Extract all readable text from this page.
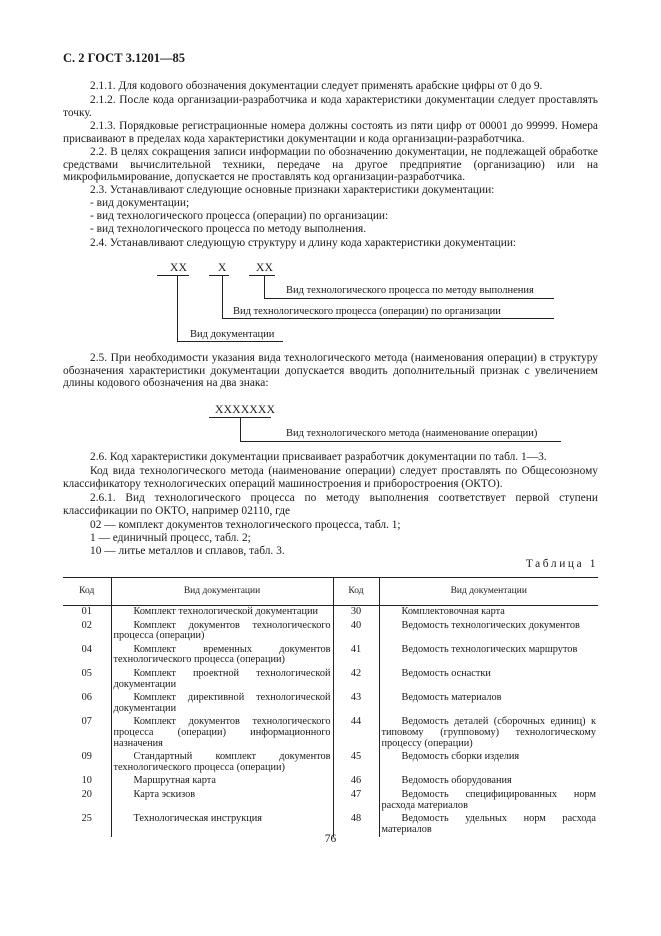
С. 2 ГОСТ 3.1201—85

2.1.1. Для кодового обозначения документации следует применять арабские цифры от 0 до 9.

2.1.2. После кода организации-разработчика и кода характеристики документации следует проставлять точку.

2.1.3. Порядковые регистрационные номера должны состоять из пяти цифр от 00001 до 99999. Номера присваивают в пределах кода характеристики документации и кода организации-разработчика.

2.2. В целях сокращения записи информации по обозначению документации, не подлежащей обработке средствами вычислительной техники, передаче на другое предприятие (организацию) или на микрофильмирование, допускается не проставлять код организации-разработчика.

2.3. Устанавливают следующие основные признаки характеристики документации:

- вид документации;

- вид технологического процесса (операции) по организации:

- вид технологического процесса по методу выполнения.

2.4. Устанавливают следующую структуру и длину кода характеристики документации:

XX	X	XX
Вид технологического процесса по методу выполнения
Вид технологического процесса (операции) по организации
Вид документации

2.5. При необходимости указания вида технологического метода (наименования операции) в структуру обозначения характеристики документации допускается вводить дополнительный признак с увеличением длины кодового обозначения на два знака:

XXXXXXX
Вид технологического метода (наименование операции)

2.6. Код характеристики документации присваивает разработчик документации по табл. 1—3.

Код вида технологического метода (наименование операции) следует проставлять по Общесоюзному классификатору технологических операций машиностроения и приборостроения (ОКТО).

2.6.1. Вид технологического процесса по методу выполнения соответствует первой ступени классификации по ОКТО, например 02110, где

02 — комплект документов технологического процесса, табл. 1;

1 — единичный процесс, табл. 2;

10 — литье металлов и сплавов, табл. 3.

Таблица 1
Код	Вид документации	Код	Вид документации
01	Комплект технологической документации	30	Комплектовочная карта
02	Комплект документов технологического процесса (операции)	40	Ведомость технологических документов
04	Комплект временных документов технологического процесса (операции)	41	Ведомость технологических маршрутов
05	Комплект проектной технологической документации	42	Ведомость оснастки
06	Комплект директивной технологической документации	43	Ведомость материалов
07	Комплект документов технологического процесса (операции) информационного назначения	44	Ведомость деталей (сборочных единиц) к типовому (групповому) технологическому процессу (операции)
09	Стандартный комплект документов технологического процесса (операции)	45	Ведомость сборки изделия
10	Маршрутная карта	46	Ведомость оборудования
20	Карта эскизов	47	Ведомость специфицированных норм расхода материалов
25	Технологическая инструкция	48	Ведомость удельных норм расхода материалов
76
